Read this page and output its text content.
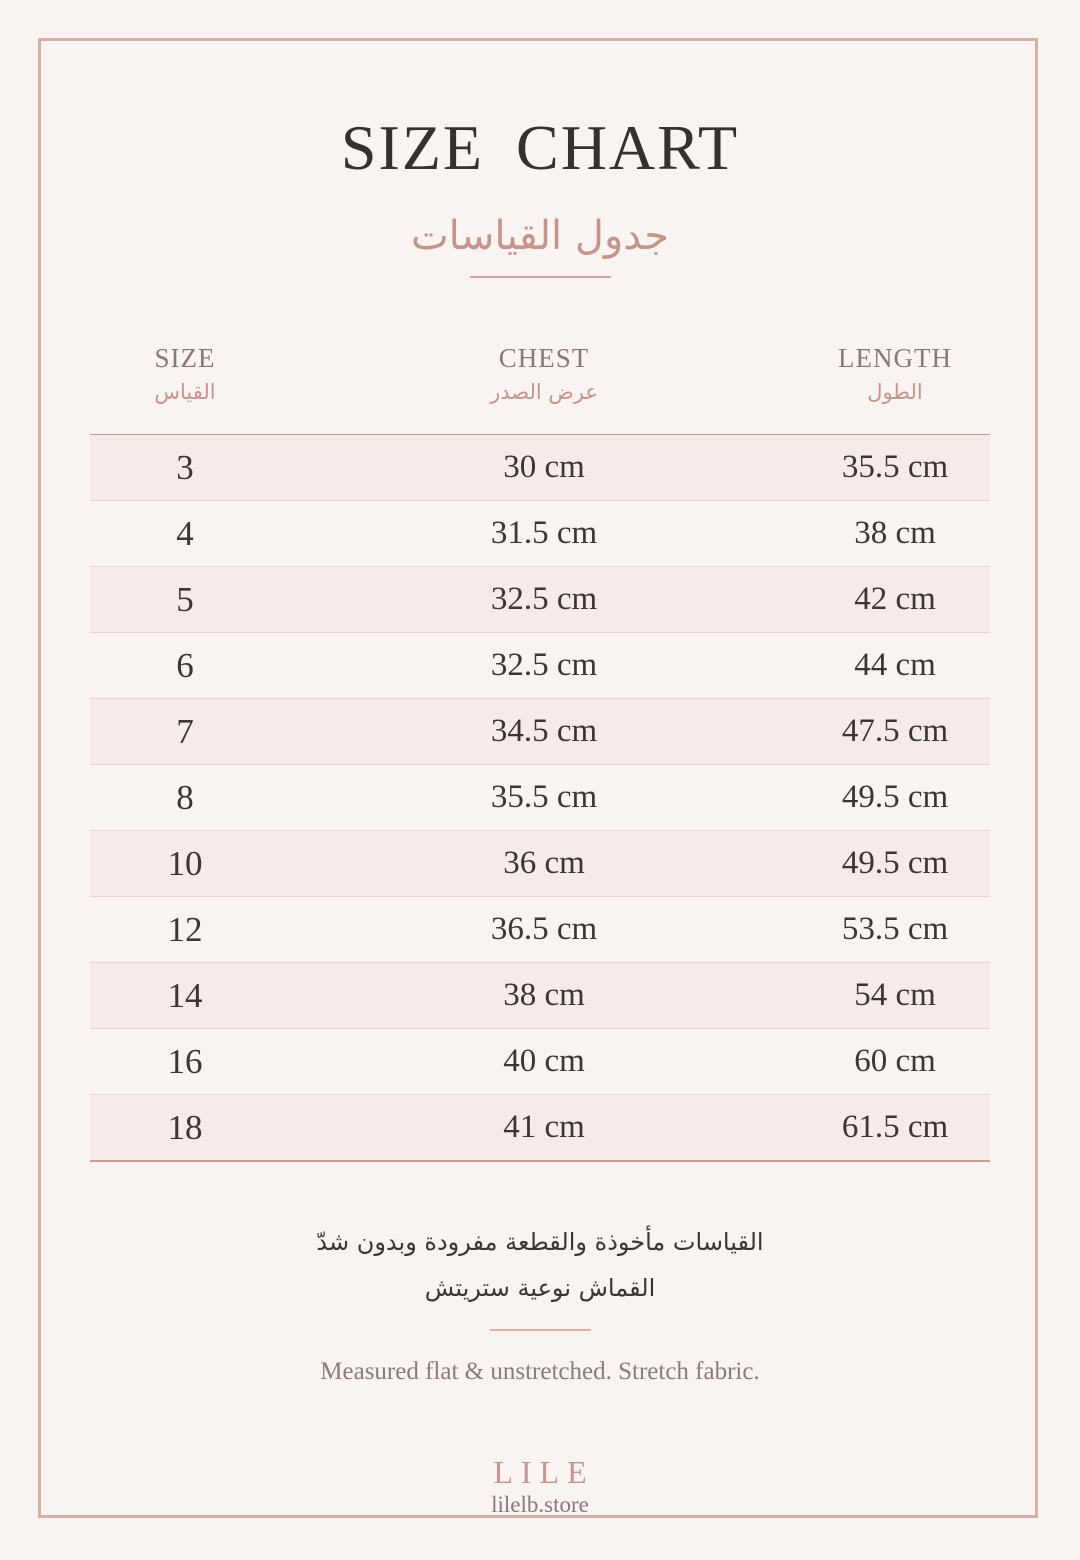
SIZE CHART
جدول القياسات
SIZE
القياس
CHEST
عرض الصدر
LENGTH
الطول
3	30 cm	35.5 cm
4	31.5 cm	38 cm
5	32.5 cm	42 cm
6	32.5 cm	44 cm
7	34.5 cm	47.5 cm
8	35.5 cm	49.5 cm
10	36 cm	49.5 cm
12	36.5 cm	53.5 cm
14	38 cm	54 cm
16	40 cm	60 cm
18	41 cm	61.5 cm
القياسات مأخوذة والقطعة مفرودة وبدون شدّ
القماش نوعية ستريتش
Measured flat & unstretched. Stretch fabric.
LILE
lilelb.store
